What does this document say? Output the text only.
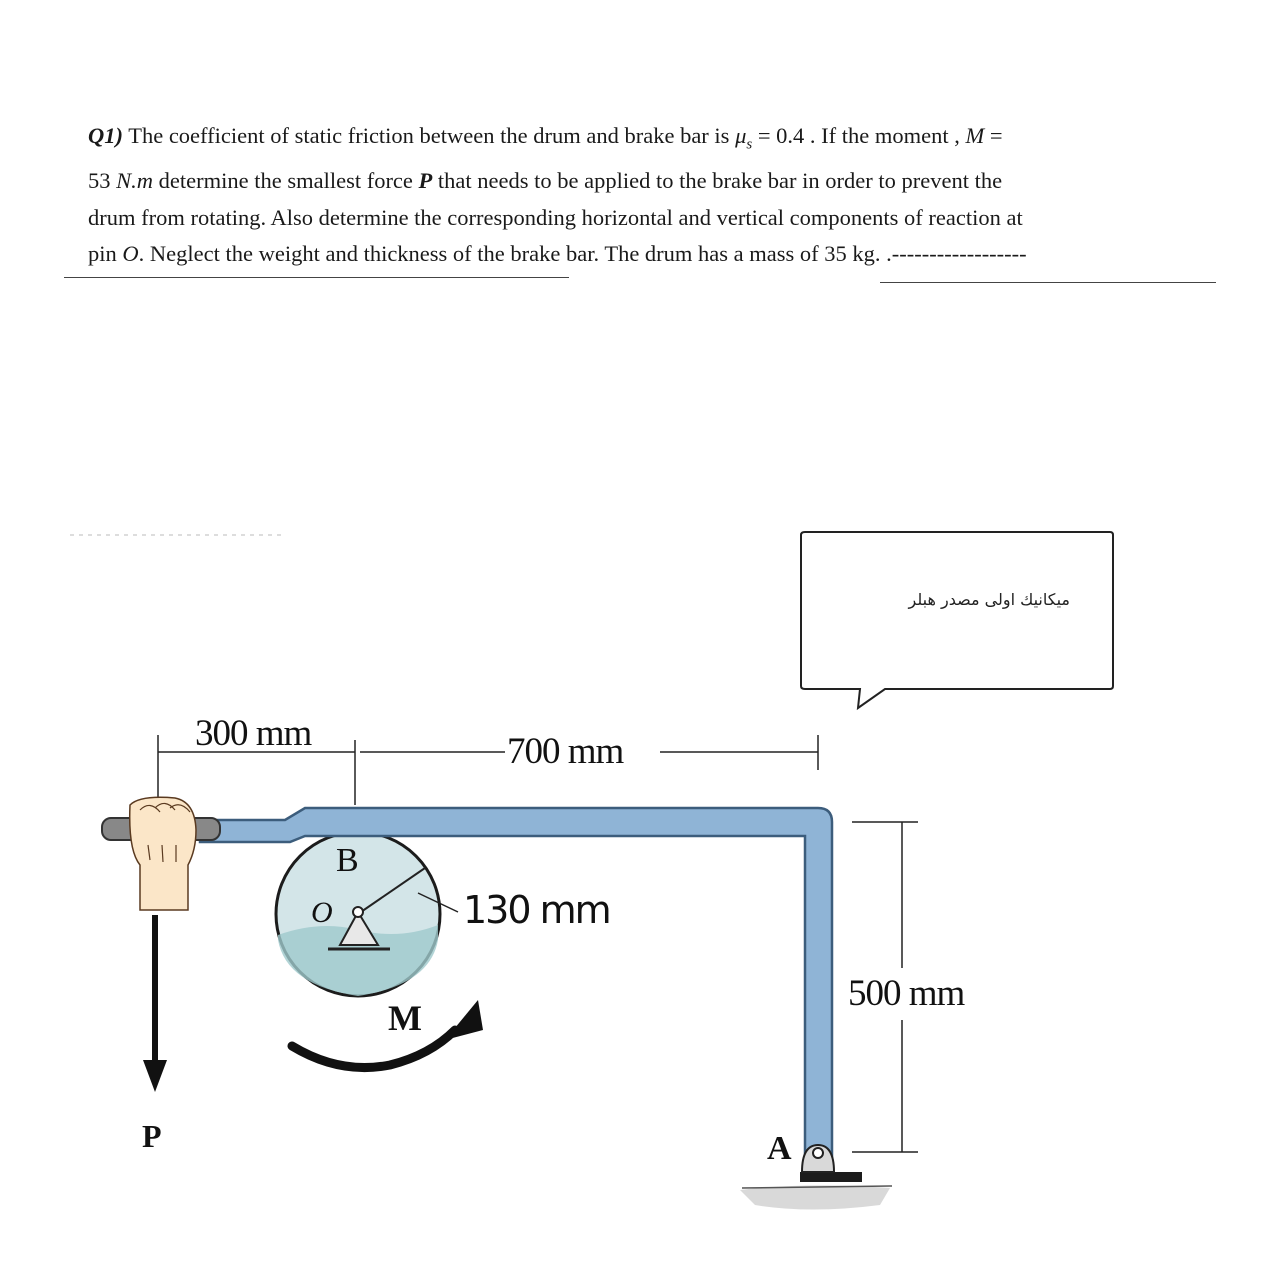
Q1) The coefficient of static friction between the drum and brake bar is $\mu_s = 0.4$ . If the moment , M =
53 N.m determine the smallest force P that needs to be applied to the brake bar in order to prevent the
drum from rotating. Also determine the corresponding horizontal and vertical components of reaction at
pin O. Neglect the weight and thickness of the brake bar. The drum has a mass of 35 kg. .------------------
ميكانيك اولى مصدر هبلر
300 mm	700 mm
130 mm
500 mm
B
O
M
P	A
